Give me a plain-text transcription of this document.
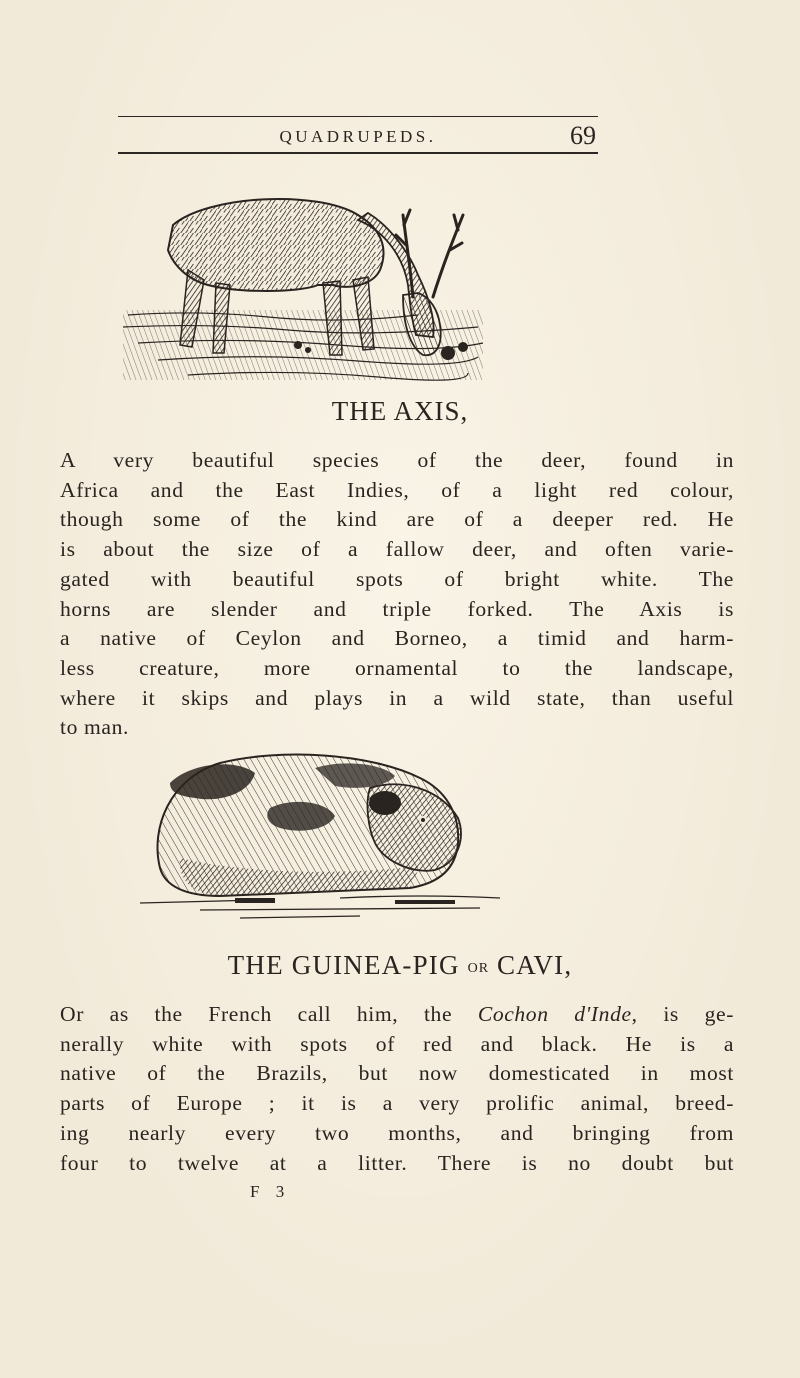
QUADRUPEDS.	69
THE AXIS,
A very beautiful species of the deer, found in
Africa and the East Indies, of a light red colour,
though some of the kind are of a deeper red. He
is about the size of a fallow deer, and often varie-
gated with beautiful spots of bright white. The
horns are slender and triple forked. The Axis is
a native of Ceylon and Borneo, a timid and harm-
less creature, more ornamental to the landscape,
where it skips and plays in a wild state, than useful
to man.
THE GUINEA-PIG OR CAVI,
Or as the French call him, the Cochon d'Inde, is ge-
nerally white with spots of red and black. He is a
native of the Brazils, but now domesticated in most
parts of Europe ; it is a very prolific animal, breed-
ing nearly every two months, and bringing from
four to twelve at a litter. There is no doubt but
F 3
